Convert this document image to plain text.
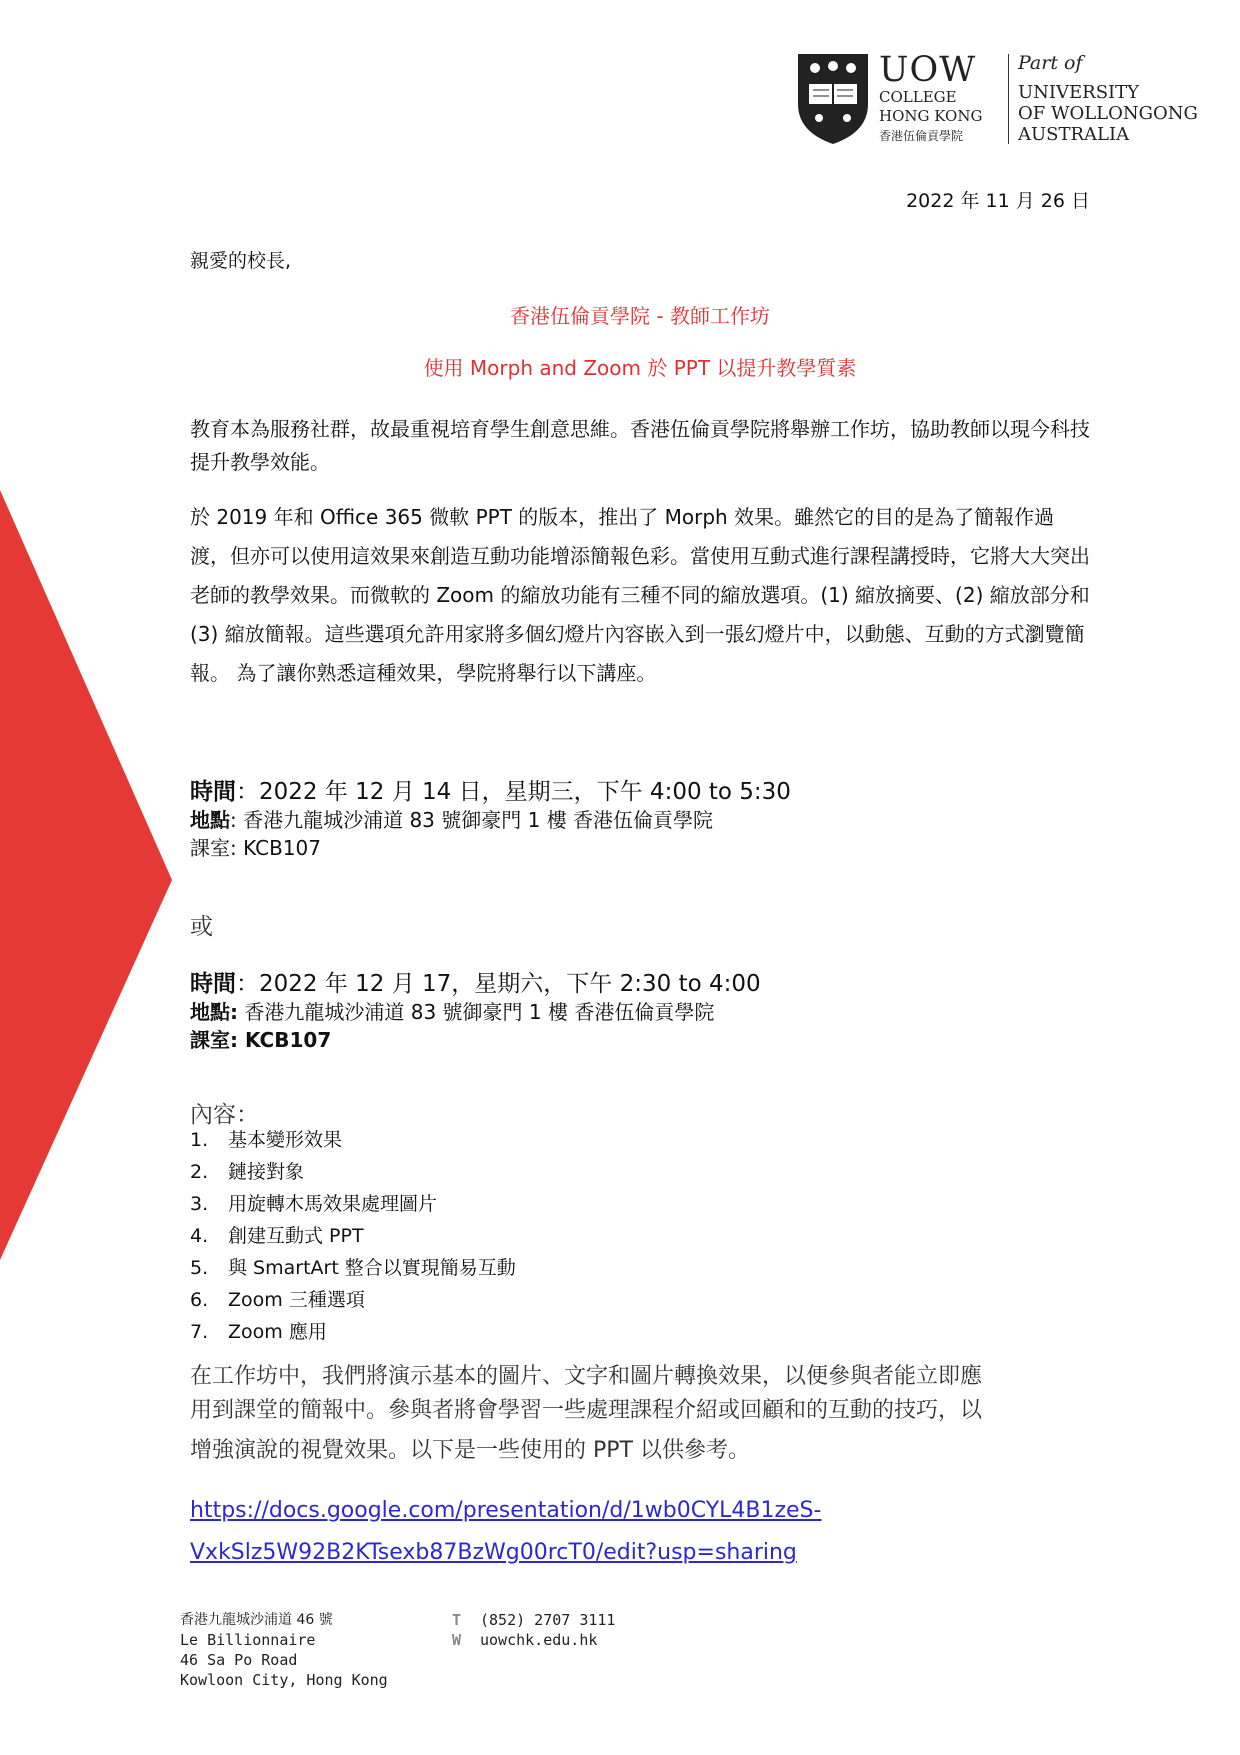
UOW
COLLEGE
HONG KONG
香港伍倫貢學院
Part of
UNIVERSITY
OF WOLLONGONG
AUSTRALIA
2022 年 11 月 26 日
親愛的校長,
香港伍倫貢學院 - 教師工作坊
使用 Morph and Zoom 於 PPT 以提升教學質素
教育本為服務社群，故最重視培育學生創意思維。香港伍倫貢學院將舉辦工作坊，協助教師以現今科技提升教學效能。
於 2019 年和 Office 365 微軟 PPT 的版本，推出了 Morph 效果。雖然它的目的是為了簡報作過渡，但亦可以使用這效果來創造互動功能增添簡報色彩。當使用互動式進行課程講授時，它將大大突出老師的教學效果。而微軟的 Zoom 的縮放功能有三種不同的縮放選項。(1) 縮放摘要、(2) 縮放部分和(3) 縮放簡報。這些選項允許用家將多個幻燈片內容嵌入到一張幻燈片中，以動態、互動的方式瀏覽簡報。 為了讓你熟悉這種效果，學院將舉行以下講座。
時間：2022 年 12 月 14 日，星期三，下午 4:00 to 5:30
地點: 香港九龍城沙浦道 83 號御豪門 1 樓 香港伍倫貢學院
課室: KCB107
或
時間：2022 年 12 月 17，星期六，下午 2:30 to 4:00
地點: 香港九龍城沙浦道 83 號御豪門 1 樓 香港伍倫貢學院
課室: KCB107
內容：
1. 基本變形效果
2. 鏈接對象
3. 用旋轉木馬效果處理圖片
4. 創建互動式 PPT
5. 與 SmartArt 整合以實現簡易互動
6. Zoom 三種選項
7. Zoom 應用
在工作坊中，我們將演示基本的圖片、文字和圖片轉換效果，以便參與者能立即應
用到課堂的簡報中。參與者將會學習一些處理課程介紹或回顧和的互動的技巧，以
增強演說的視覺效果。以下是一些使用的 PPT 以供參考。
https://docs.google.com/presentation/d/1wb0CYL4B1zeS-
VxkSlz5W92B2KTsexb87BzWg00rcT0/edit?usp=sharing
香港九龍城沙浦道 46 號
Le Billionnaire
46 Sa Po Road
Kowloon City, Hong Kong
T (852) 2707 3111
W uowchk.edu.hk
